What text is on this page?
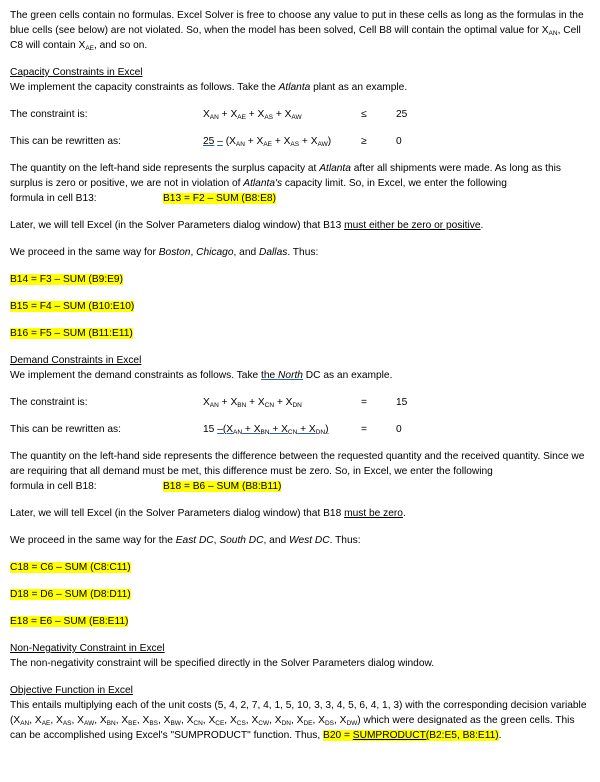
The green cells contain no formulas. Excel Solver is free to choose any value to put in these cells as long as the formulas in the blue cells (see below) are not violated. So, when the model has been solved, Cell B8 will contain the optimal value for $X_{AN}$, Cell C8 will contain $X_{AE}$, and so on.

Capacity Constraints in Excel

We implement the capacity constraints as follows. Take the Atlanta plant as an example.

The constraint is:	$X_{AN} + X_{AE} + X_{AS} + X_{AW}$	≤	25
This can be rewritten as:	$25 - (X_{AN} + X_{AE} + X_{AS} + X_{AW})$	≥	0

The quantity on the left-hand side represents the surplus capacity at Atlanta after all shipments were made. As long as this surplus is zero or positive, we are not in violation of Atlanta's capacity limit. So, in Excel, we enter the following

formula in cell B13:	B13 = F2 – SUM (B8:E8)

Later, we will tell Excel (in the Solver Parameters dialog window) that B13 must either be zero or positive.

We proceed in the same way for Boston, Chicago, and Dallas. Thus:

B14 = F3 – SUM (B9:E9)

B15 = F4 – SUM (B10:E10)

B16 = F5 – SUM (B11:E11)

Demand Constraints in Excel

We implement the demand constraints as follows. Take the North DC as an example.

The constraint is:	$X_{AN} + X_{BN} + X_{CN} + X_{DN}$	=	15
This can be rewritten as:	15 $-(X_{AN} + X_{BN} + X_{CN} + X_{DN})$	=	0

The quantity on the left-hand side represents the difference between the requested quantity and the received quantity. Since we are requiring that all demand must be met, this difference must be zero. So, in Excel, we enter the following

formula in cell B18:	B18 = B6 – SUM (B8:B11)

Later, we will tell Excel (in the Solver Parameters dialog window) that B18 must be zero.

We proceed in the same way for the East DC, South DC, and West DC. Thus:

C18 = C6 – SUM (C8:C11)

D18 = D6 – SUM (D8:D11)

E18 = E6 – SUM (E8:E11)

Non-Negativity Constraint in Excel

The non-negativity constraint will be specified directly in the Solver Parameters dialog window.

Objective Function in Excel

This entails multiplying each of the unit costs (5, 4, 2, 7, 4, 1, 5, 10, 3, 3, 4, 5, 6, 4, 1, 3) with the corresponding decision variable ($X_{AN}$, $X_{AE}$, $X_{AS}$, $X_{AW}$, $X_{BN}$, $X_{BE}$, $X_{BS}$, $X_{BW}$, $X_{CN}$, $X_{CE}$, $X_{CS}$, $X_{CW}$, $X_{DN}$, $X_{DE}$, $X_{DS}$, $X_{DW}$) which were designated as the green cells. This can be accomplished using Excel's "SUMPRODUCT" function. Thus, B20 = SUMPRODUCT(B2:E5, B8:E11).
